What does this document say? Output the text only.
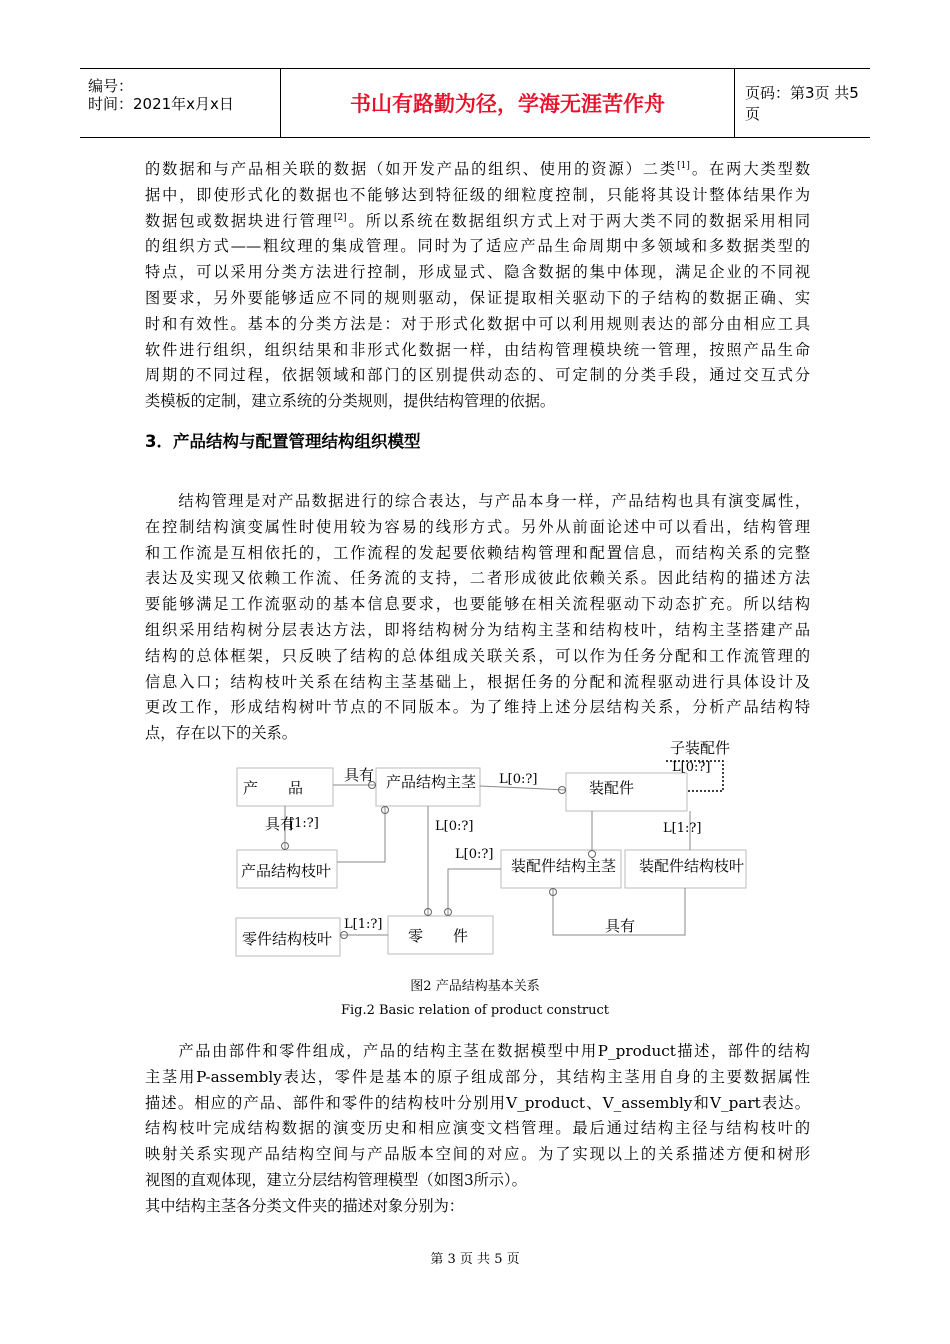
编号：
时间：2021年x月x日	书山有路勤为径，学海无涯苦作舟	页码：第3页 共5页
的数据和与产品相关联的数据（如开发产品的组织、使用的资源）二类[1]。在两大类型数
据中，即使形式化的数据也不能够达到特征级的细粒度控制，只能将其设计整体结果作为
数据包或数据块进行管理[2]。所以系统在数据组织方式上对于两大类不同的数据采用相同
的组织方式——粗纹理的集成管理。同时为了适应产品生命周期中多领域和多数据类型的
特点，可以采用分类方法进行控制，形成显式、隐含数据的集中体现，满足企业的不同视
图要求，另外要能够适应不同的规则驱动，保证提取相关驱动下的子结构的数据正确、实
时和有效性。基本的分类方法是：对于形式化数据中可以利用规则表达的部分由相应工具
软件进行组织，组织结果和非形式化数据一样，由结构管理模块统一管理，按照产品生命
周期的不同过程，依据领域和部门的区别提供动态的、可定制的分类手段，通过交互式分
类模板的定制，建立系统的分类规则，提供结构管理的依据。
3．产品结构与配置管理结构组织模型
　　结构管理是对产品数据进行的综合表达，与产品本身一样，产品结构也具有演变属性，
在控制结构演变属性时使用较为容易的线形方式。另外从前面论述中可以看出，结构管理
和工作流是互相依托的，工作流程的发起要依赖结构管理和配置信息，而结构关系的完整
表达及实现又依赖工作流、任务流的支持，二者形成彼此依赖关系。因此结构的描述方法
要能够满足工作流驱动的基本信息要求，也要能够在相关流程驱动下动态扩充。所以结构
组织采用结构树分层表达方法，即将结构树分为结构主茎和结构枝叶，结构主茎搭建产品
结构的总体框架，只反映了结构的总体组成关联关系，可以作为任务分配和工作流管理的
信息入口；结构枝叶关系在结构主茎基础上，根据任务的分配和流程驱动进行具体设计及
更改工作，形成结构树叶节点的不同版本。为了维持上述分层结构关系，分析产品结构特
点，存在以下的关系。
子装配件
产　　品	产品结构主茎	装配件
产品结构枝叶	装配件结构主茎 装配件结构枝叶
零件结构枝叶	零　　件
具有
具有
具有
L[0:?]
L[0:?]
[1:?]	L[0:?]	L[1:?]
L[0:?]
L[1:?]
图2 产品结构基本关系
Fig.2 Basic relation of product construct
　　产品由部件和零件组成，产品的结构主茎在数据模型中用P_product描述，部件的结构
主茎用P-assembly表达，零件是基本的原子组成部分，其结构主茎用自身的主要数据属性
描述。相应的产品、部件和零件的结构枝叶分别用V_product、V_assembly和V_part表达。
结构枝叶完成结构数据的演变历史和相应演变文档管理。最后通过结构主径与结构枝叶的
映射关系实现产品结构空间与产品版本空间的对应。为了实现以上的关系描述方便和树形
视图的直观体现，建立分层结构管理模型（如图3所示）。
其中结构主茎各分类文件夹的描述对象分别为：
第 3 页 共 5 页
